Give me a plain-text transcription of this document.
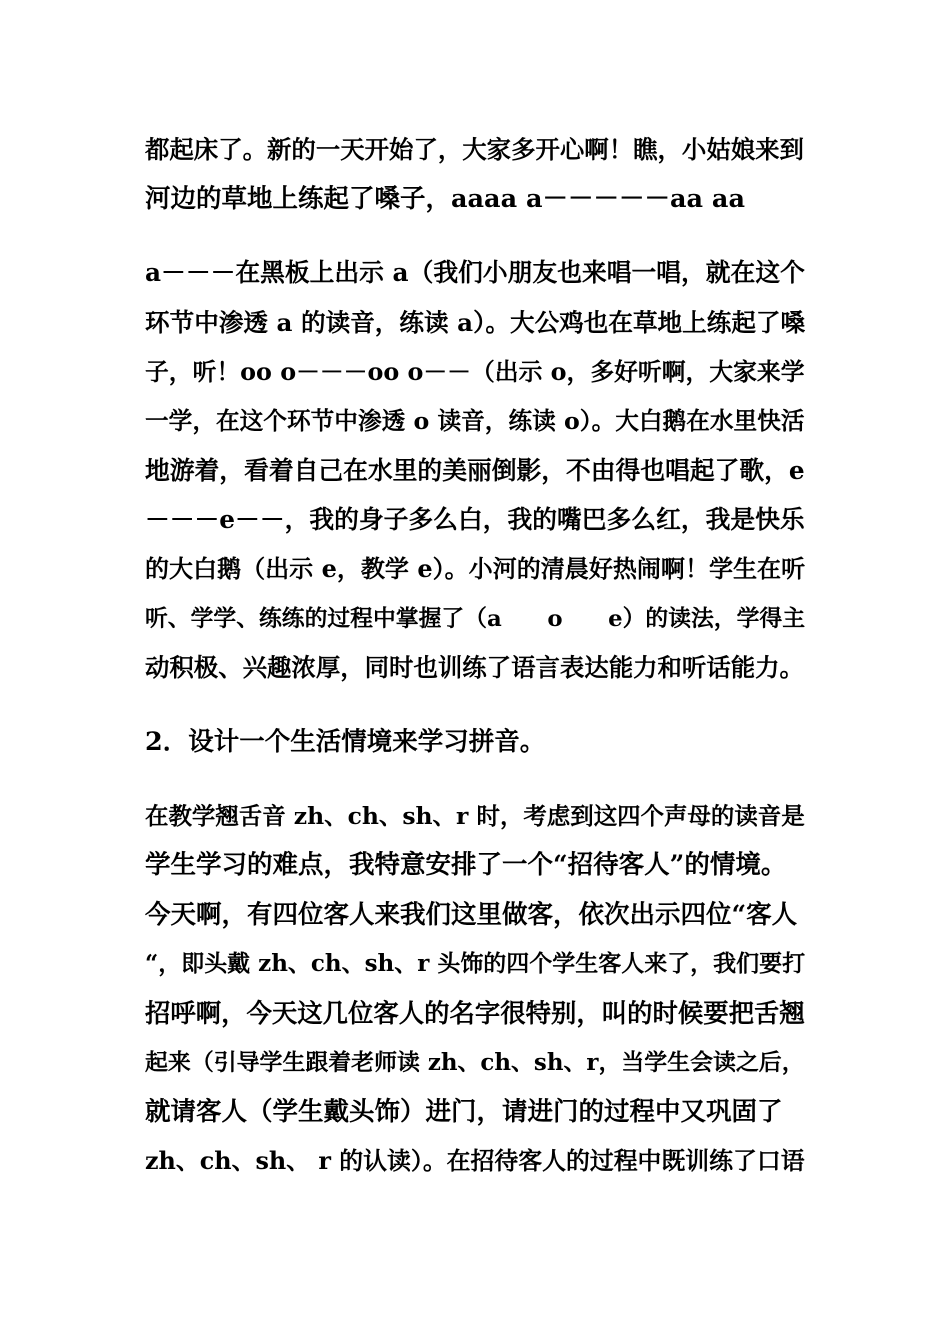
都起床了。新的一天开始了，大家多开心啊！瞧，小姑娘来到
河边的草地上练起了嗓子，aaaa a－－－－－aa aa
a－－－在黑板上出示 a（我们小朋友也来唱一唱，就在这个
环节中渗透 a 的读音，练读 a）。大公鸡也在草地上练起了嗓
子，听！oo o－－－oo o－－（出示 o，多好听啊，大家来学
一学，在这个环节中渗透 o 读音，练读 o）。大白鹅在水里快活
地游着，看着自己在水里的美丽倒影，不由得也唱起了歌，e
－－－e－－，我的身子多么白，我的嘴巴多么红，我是快乐
的大白鹅（出示 e，教学 e）。小河的清晨好热闹啊！学生在听
听、学学、练练的过程中掌握了（a　　o　　e）的读法，学得主
动积极、兴趣浓厚，同时也训练了语言表达能力和听话能力。
2．设计一个生活情境来学习拼音。
在教学翘舌音 zh、ch、sh、r 时，考虑到这四个声母的读音是
学生学习的难点，我特意安排了一个“招待客人”的情境。
今天啊，有四位客人来我们这里做客，依次出示四位“客人
“，即头戴 zh、ch、sh、r 头饰的四个学生客人来了，我们要打
招呼啊，今天这几位客人的名字很特别，叫的时候要把舌翘
起来（引导学生跟着老师读 zh、ch、sh、r，当学生会读之后，
就请客人（学生戴头饰）进门，请进门的过程中又巩固了
zh、ch、sh、 r 的认读）。在招待客人的过程中既训练了口语
